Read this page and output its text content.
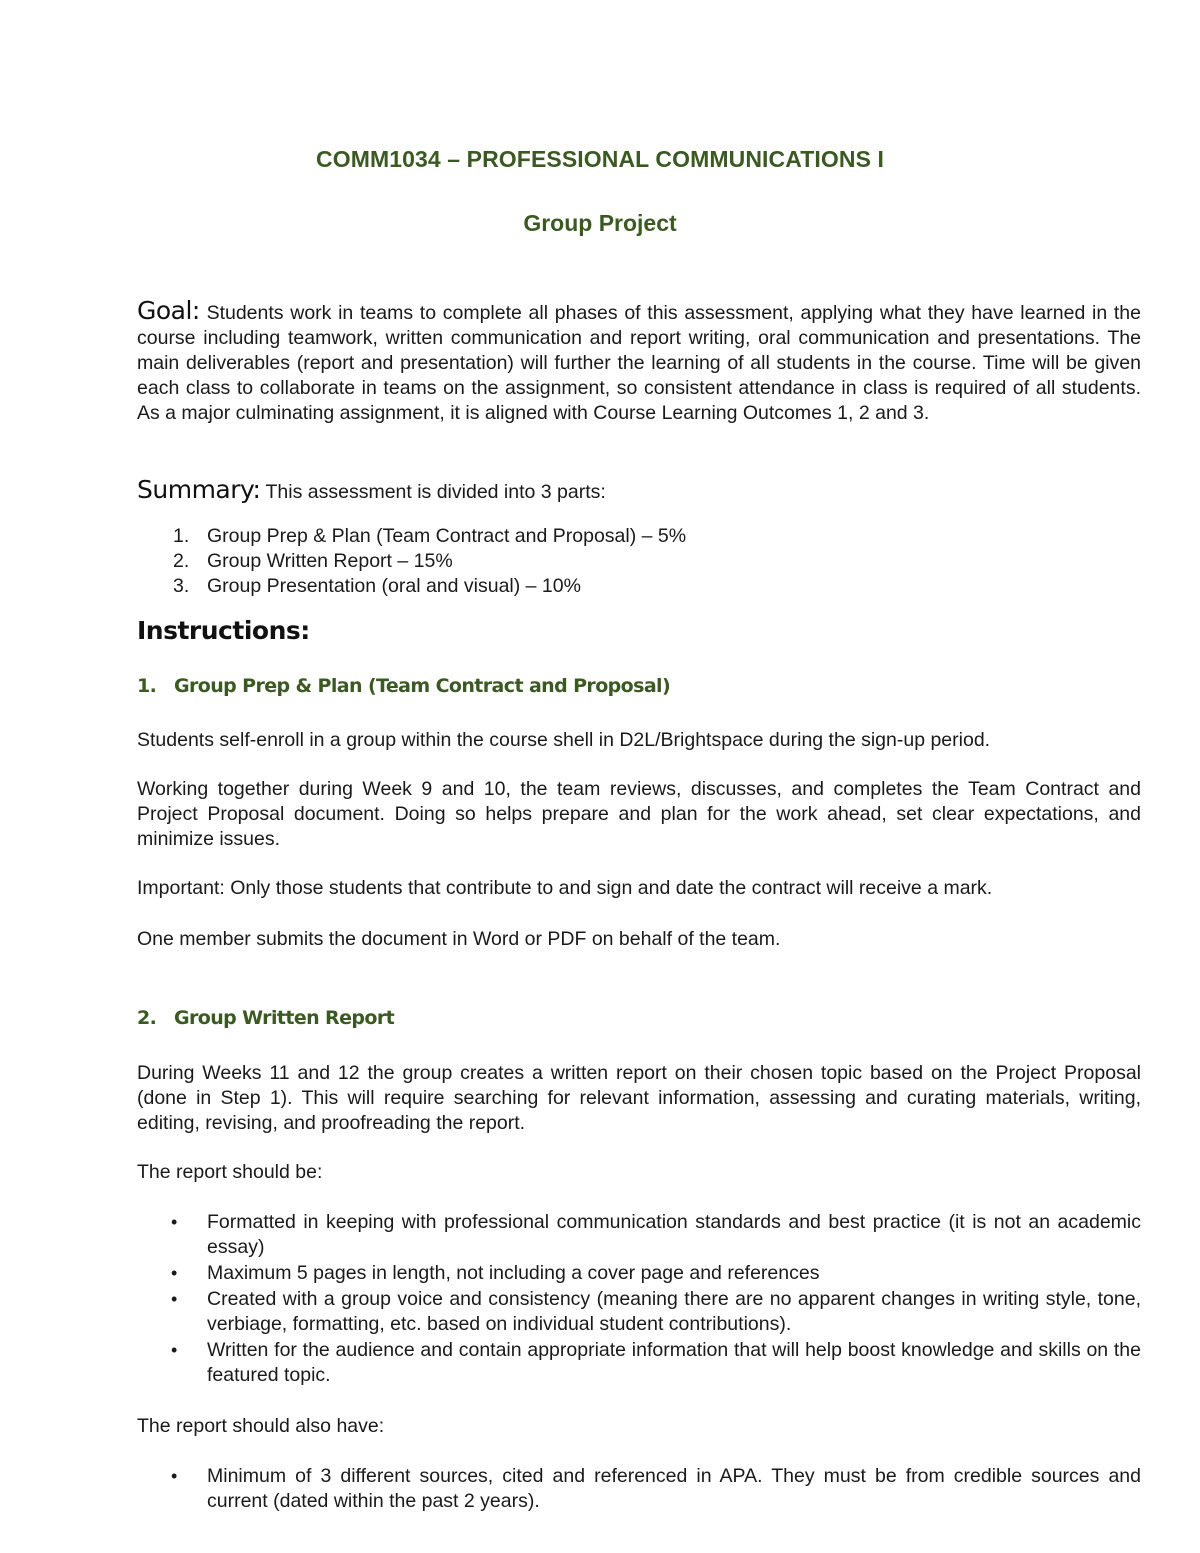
COMM1034 – PROFESSIONAL COMMUNICATIONS I
Group Project
Goal: Students work in teams to complete all phases of this assessment, applying what they have learned in the course including teamwork, written communication and report writing, oral communication and presentations. The main deliverables (report and presentation) will further the learning of all students in the course. Time will be given each class to collaborate in teams on the assignment, so consistent attendance in class is required of all students. As a major culminating assignment, it is aligned with Course Learning Outcomes 1, 2 and 3.
Summary: This assessment is divided into 3 parts:
1. Group Prep & Plan (Team Contract and Proposal) – 5%
2. Group Written Report – 15%
3. Group Presentation (oral and visual) – 10%
Instructions:
1. Group Prep & Plan (Team Contract and Proposal)
Students self-enroll in a group within the course shell in D2L/Brightspace during the sign-up period.
Working together during Week 9 and 10, the team reviews, discusses, and completes the Team Contract and Project Proposal document. Doing so helps prepare and plan for the work ahead, set clear expectations, and minimize issues.
Important: Only those students that contribute to and sign and date the contract will receive a mark.
One member submits the document in Word or PDF on behalf of the team.
2. Group Written Report
During Weeks 11 and 12 the group creates a written report on their chosen topic based on the Project Proposal (done in Step 1). This will require searching for relevant information, assessing and curating materials, writing, editing, revising, and proofreading the report.
The report should be:
• Formatted in keeping with professional communication standards and best practice (it is not an academic essay)
• Maximum 5 pages in length, not including a cover page and references
• Created with a group voice and consistency (meaning there are no apparent changes in writing style, tone, verbiage, formatting, etc. based on individual student contributions).
• Written for the audience and contain appropriate information that will help boost knowledge and skills on the featured topic.
The report should also have:
• Minimum of 3 different sources, cited and referenced in APA. They must be from credible sources and current (dated within the past 2 years).
